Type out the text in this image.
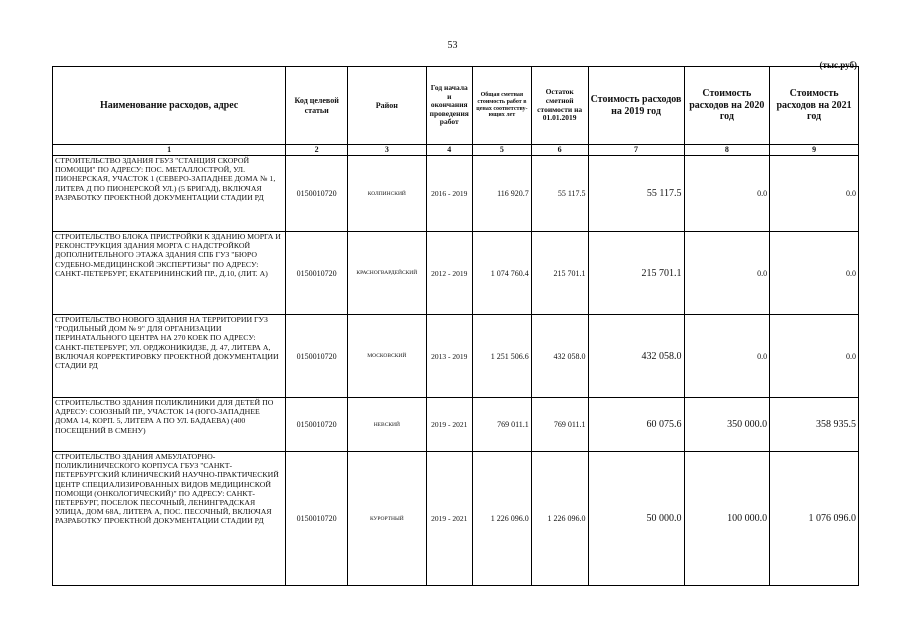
53
(тыс.руб)
Наименование расходов, адрес	Код целевой статьи	Район	Год начала и окончания проведения работ	Общая сметная стоимость работ в ценах соответству-ющих лет	Остаток сметной стоимости на 01.01.2019	Стоимость расходов на 2019 год	Стоимость расходов на 2020 год	Стоимость расходов на 2021 год
1	2	3	4	5	6	7	8	9
СТРОИТЕЛЬСТВО ЗДАНИЯ ГБУЗ "СТАНЦИЯ СКОРОЙ ПОМОЩИ" ПО АДРЕСУ: ПОС. МЕТАЛЛОСТРОЙ, УЛ. ПИОНЕРСКАЯ, УЧАСТОК 1 (СЕВЕРО-ЗАПАДНЕЕ ДОМА № 1, ЛИТЕРА Д ПО ПИОНЕРСКОЙ УЛ.) (5 БРИГАД), ВКЛЮЧАЯ РАЗРАБОТКУ ПРОЕКТНОЙ ДОКУМЕНТАЦИИ СТАДИИ РД	0150010720	КОЛПИНСКИЙ	2016 - 2019	116 920.7	55 117.5	55 117.5	0.0	0.0
СТРОИТЕЛЬСТВО БЛОКА ПРИСТРОЙКИ К ЗДАНИЮ МОРГА И РЕКОНСТРУКЦИЯ ЗДАНИЯ МОРГА С НАДСТРОЙКОЙ ДОПОЛНИТЕЛЬНОГО ЭТАЖА ЗДАНИЯ СПБ ГУЗ "БЮРО СУДЕБНО-МЕДИЦИНСКОЙ ЭКСПЕРТИЗЫ" ПО АДРЕСУ: САНКТ-ПЕТЕРБУРГ, ЕКАТЕРИНИНСКИЙ ПР., Д.10, (ЛИТ. А)	0150010720	КРАСНОГВАРДЕЙСКИЙ	2012 - 2019	1 074 760.4	215 701.1	215 701.1	0.0	0.0
СТРОИТЕЛЬСТВО НОВОГО ЗДАНИЯ НА ТЕРРИТОРИИ ГУЗ "РОДИЛЬНЫЙ ДОМ № 9" ДЛЯ ОРГАНИЗАЦИИ ПЕРИНАТАЛЬНОГО ЦЕНТРА НА 270 КОЕК ПО АДРЕСУ: САНКТ-ПЕТЕРБУРГ, УЛ. ОРДЖОНИКИДЗЕ, Д. 47, ЛИТЕРА А, ВКЛЮЧАЯ КОРРЕКТИРОВКУ ПРОЕКТНОЙ ДОКУМЕНТАЦИИ СТАДИИ РД	0150010720	МОСКОВСКИЙ	2013 - 2019	1 251 506.6	432 058.0	432 058.0	0.0	0.0
СТРОИТЕЛЬСТВО ЗДАНИЯ ПОЛИКЛИНИКИ ДЛЯ ДЕТЕЙ ПО АДРЕСУ: СОЮЗНЫЙ ПР., УЧАСТОК 14 (ЮГО-ЗАПАДНЕЕ ДОМА 14, КОРП. 5, ЛИТЕРА А ПО УЛ. БАДАЕВА) (400 ПОСЕЩЕНИЙ В СМЕНУ)	0150010720	НЕВСКИЙ	2019 - 2021	769 011.1	769 011.1	60 075.6	350 000.0	358 935.5
СТРОИТЕЛЬСТВО ЗДАНИЯ АМБУЛАТОРНО-ПОЛИКЛИНИЧЕСКОГО КОРПУСА ГБУЗ "САНКТ-ПЕТЕРБУРГСКИЙ КЛИНИЧЕСКИЙ НАУЧНО-ПРАКТИЧЕСКИЙ ЦЕНТР СПЕЦИАЛИЗИРОВАННЫХ ВИДОВ МЕДИЦИНСКОЙ ПОМОЩИ (ОНКОЛОГИЧЕСКИЙ)" ПО АДРЕСУ: САНКТ-ПЕТЕРБУРГ, ПОСЕЛОК ПЕСОЧНЫЙ, ЛЕНИНГРАДСКАЯ УЛИЦА, ДОМ 68А, ЛИТЕРА А, ПОС. ПЕСОЧНЫЙ, ВКЛЮЧАЯ РАЗРАБОТКУ ПРОЕКТНОЙ ДОКУМЕНТАЦИИ СТАДИИ РД	0150010720	КУРОРТНЫЙ	2019 - 2021	1 226 096.0	1 226 096.0	50 000.0	100 000.0	1 076 096.0
